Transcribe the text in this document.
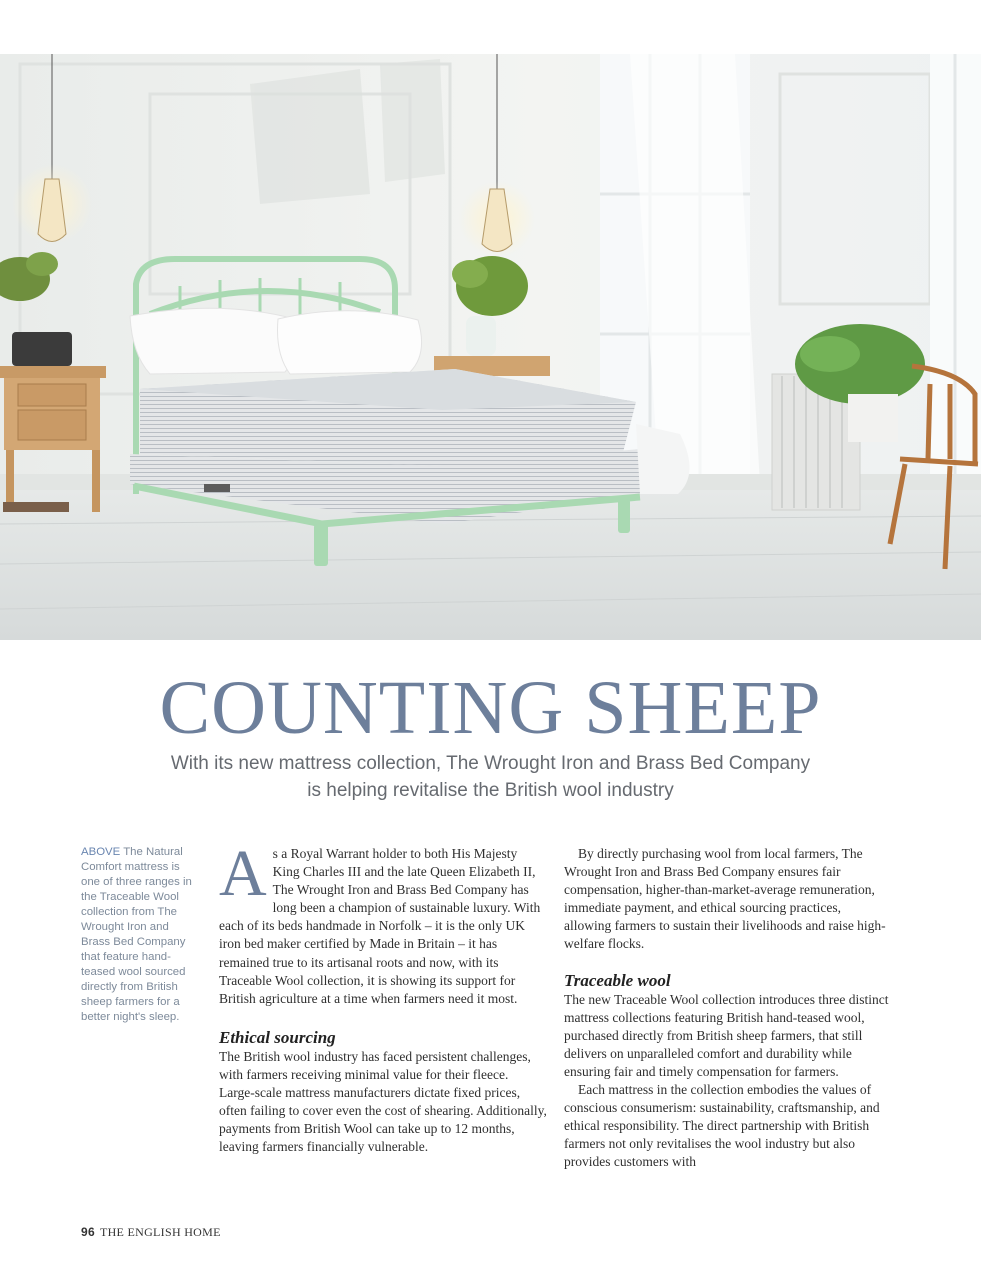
COUNTING SHEEP
With its new mattress collection, The Wrought Iron and Brass Bed Company
is helping revitalise the British wool industry
ABOVE The Natural Comfort mattress is one of three ranges in the Traceable Wool collection from The Wrought Iron and Brass Bed Company that feature hand-teased wool sourced directly from British sheep farmers for a better night's sleep.

As a Royal Warrant holder to both His Majesty King Charles III and the late Queen Elizabeth II, The Wrought Iron and Brass Bed Company has long been a champion of sustainable luxury. With each of its beds handmade in Norfolk – it is the only UK iron bed maker certified by Made in Britain – it has remained true to its artisanal roots and now, with its Traceable Wool collection, it is showing its support for British agriculture at a time when farmers need it most.

Ethical sourcing

The British wool industry has faced persistent challenges, with farmers receiving minimal value for their fleece. Large-scale mattress manufacturers dictate fixed prices, often failing to cover even the cost of shearing. Additionally, payments from British Wool can take up to 12 months, leaving farmers financially vulnerable.

By directly purchasing wool from local farmers, The Wrought Iron and Brass Bed Company ensures fair compensation, higher-than-market-average remuneration, immediate payment, and ethical sourcing practices, allowing farmers to sustain their livelihoods and raise high-welfare flocks.

Traceable wool

The new Traceable Wool collection introduces three distinct mattress collections featuring British hand-teased wool, purchased directly from British sheep farmers, that still delivers on unparalleled comfort and durability while ensuring fair and timely compensation for farmers.

Each mattress in the collection embodies the values of conscious consumerism: sustainability, craftsmanship, and ethical responsibility. The direct partnership with British farmers not only revitalises the wool industry but also provides customers with

96 THE ENGLISH HOME
